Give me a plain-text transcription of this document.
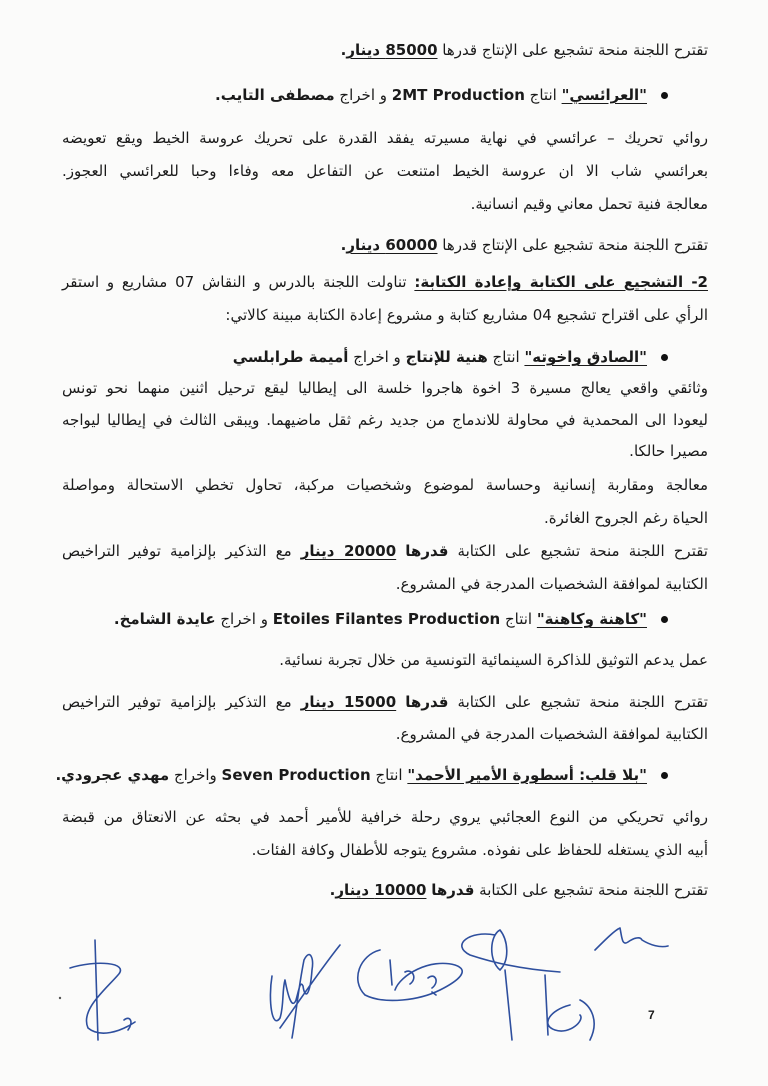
تقترح اللجنة منحة تشجيع على الإنتاج قدرها 85000 دينار.
"العرائسي" انتاج 2MT Production و اخراج مصطفى التايب.
روائي تحريك – عرائسي في نهاية مسيرته يفقد القدرة على تحريك عروسة الخيط ويقع تعويضه
بعرائسي شاب الا ان عروسة الخيط امتنعت عن التفاعل معه وفاءا وحبا للعرائسي العجوز.
معالجة فنية تحمل معاني وقيم انسانية.
تقترح اللجنة منحة تشجيع على الإنتاج قدرها 60000 دينار.
2- التشجيع على الكتابة وإعادة الكتابة: تناولت اللجنة بالدرس و النقاش 07 مشاريع و استقر
الرأي على اقتراح تشجيع 04 مشاريع كتابة و مشروع إعادة الكتابة مبينة كالاتي:
"الصادق واخوته" انتاج هنية للإنتاج و اخراج أميمة طرابلسي
وثائقي واقعي يعالج مسيرة 3 اخوة هاجروا خلسة الى إيطاليا ليقع ترحيل اثنين منهما نحو تونس
ليعودا الى المحمدية في محاولة للاندماج من جديد رغم ثقل ماضيهما. ويبقى الثالث في إيطاليا ليواجه
مصيرا حالكا.
معالجة ومقاربة إنسانية وحساسة لموضوع وشخصيات مركبة، تحاول تخطي الاستحالة ومواصلة
الحياة رغم الجروح الغائرة.
تقترح اللجنة منحة تشجيع على الكتابة قدرها 20000 دينار مع التذكير بإلزامية توفير التراخيص
الكتابية لموافقة الشخصيات المدرجة في المشروع.
"كاهنة وكاهنة" انتاج Etoiles Filantes Production و اخراج عايدة الشامخ.
عمل يدعم التوثيق للذاكرة السينمائية التونسية من خلال تجربة نسائية.
تقترح اللجنة منحة تشجيع على الكتابة قدرها 15000 دينار مع التذكير بإلزامية توفير التراخيص
الكتابية لموافقة الشخصيات المدرجة في المشروع.
"بلا قلب: أسطورة الأمير الأحمد" انتاج Seven Production واخراج مهدي عجرودي.
روائي تحريكي من النوع العجائبي يروي رحلة خرافية للأمير أحمد في بحثه عن الانعتاق من قبضة
أبيه الذي يستغله للحفاظ على نفوذه. مشروع يتوجه للأطفال وكافة الفئات.
تقترح اللجنة منحة تشجيع على الكتابة قدرها 10000 دينار.
7
